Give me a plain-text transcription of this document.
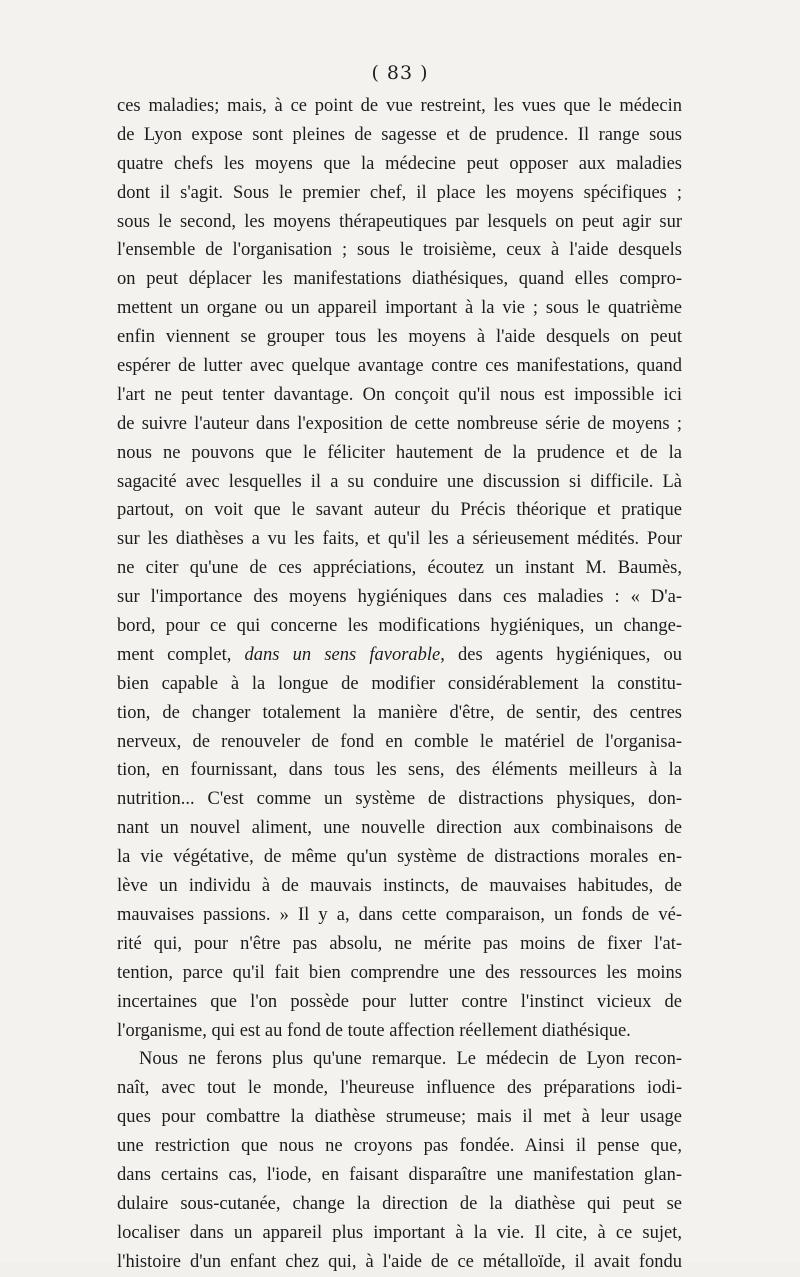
( 83 )
ces maladies; mais, à ce point de vue restreint, les vues que le médecin
de Lyon expose sont pleines de sagesse et de prudence. Il range sous
quatre chefs les moyens que la médecine peut opposer aux maladies
dont il s'agit. Sous le premier chef, il place les moyens spécifiques ;
sous le second, les moyens thérapeutiques par lesquels on peut agir sur
l'ensemble de l'organisation ; sous le troisième, ceux à l'aide desquels
on peut déplacer les manifestations diathésiques, quand elles compro-
mettent un organe ou un appareil important à la vie ; sous le quatrième
enfin viennent se grouper tous les moyens à l'aide desquels on peut
espérer de lutter avec quelque avantage contre ces manifestations, quand
l'art ne peut tenter davantage. On conçoit qu'il nous est impossible ici
de suivre l'auteur dans l'exposition de cette nombreuse série de moyens ;
nous ne pouvons que le féliciter hautement de la prudence et de la
sagacité avec lesquelles il a su conduire une discussion si difficile. Là
partout, on voit que le savant auteur du Précis théorique et pratique
sur les diathèses a vu les faits, et qu'il les a sérieusement médités. Pour
ne citer qu'une de ces appréciations, écoutez un instant M. Baumès,
sur l'importance des moyens hygiéniques dans ces maladies : « D'a-
bord, pour ce qui concerne les modifications hygiéniques, un change-
ment complet, dans un sens favorable, des agents hygiéniques, ou
bien capable à la longue de modifier considérablement la constitu-
tion, de changer totalement la manière d'être, de sentir, des centres
nerveux, de renouveler de fond en comble le matériel de l'organisa-
tion, en fournissant, dans tous les sens, des éléments meilleurs à la
nutrition... C'est comme un système de distractions physiques, don-
nant un nouvel aliment, une nouvelle direction aux combinaisons de
la vie végétative, de même qu'un système de distractions morales en-
lève un individu à de mauvais instincts, de mauvaises habitudes, de
mauvaises passions. » Il y a, dans cette comparaison, un fonds de vé-
rité qui, pour n'être pas absolu, ne mérite pas moins de fixer l'at-
tention, parce qu'il fait bien comprendre une des ressources les moins
incertaines que l'on possède pour lutter contre l'instinct vicieux de
l'organisme, qui est au fond de toute affection réellement diathésique.
Nous ne ferons plus qu'une remarque. Le médecin de Lyon recon-
naît, avec tout le monde, l'heureuse influence des préparations iodi-
ques pour combattre la diathèse strumeuse; mais il met à leur usage
une restriction que nous ne croyons pas fondée. Ainsi il pense que,
dans certains cas, l'iode, en faisant disparaître une manifestation glan-
dulaire sous-cutanée, change la direction de la diathèse qui peut se
localiser dans un appareil plus important à la vie. Il cite, à ce sujet,
l'histoire d'un enfant chez qui, à l'aide de ce métalloïde, il avait fondu
